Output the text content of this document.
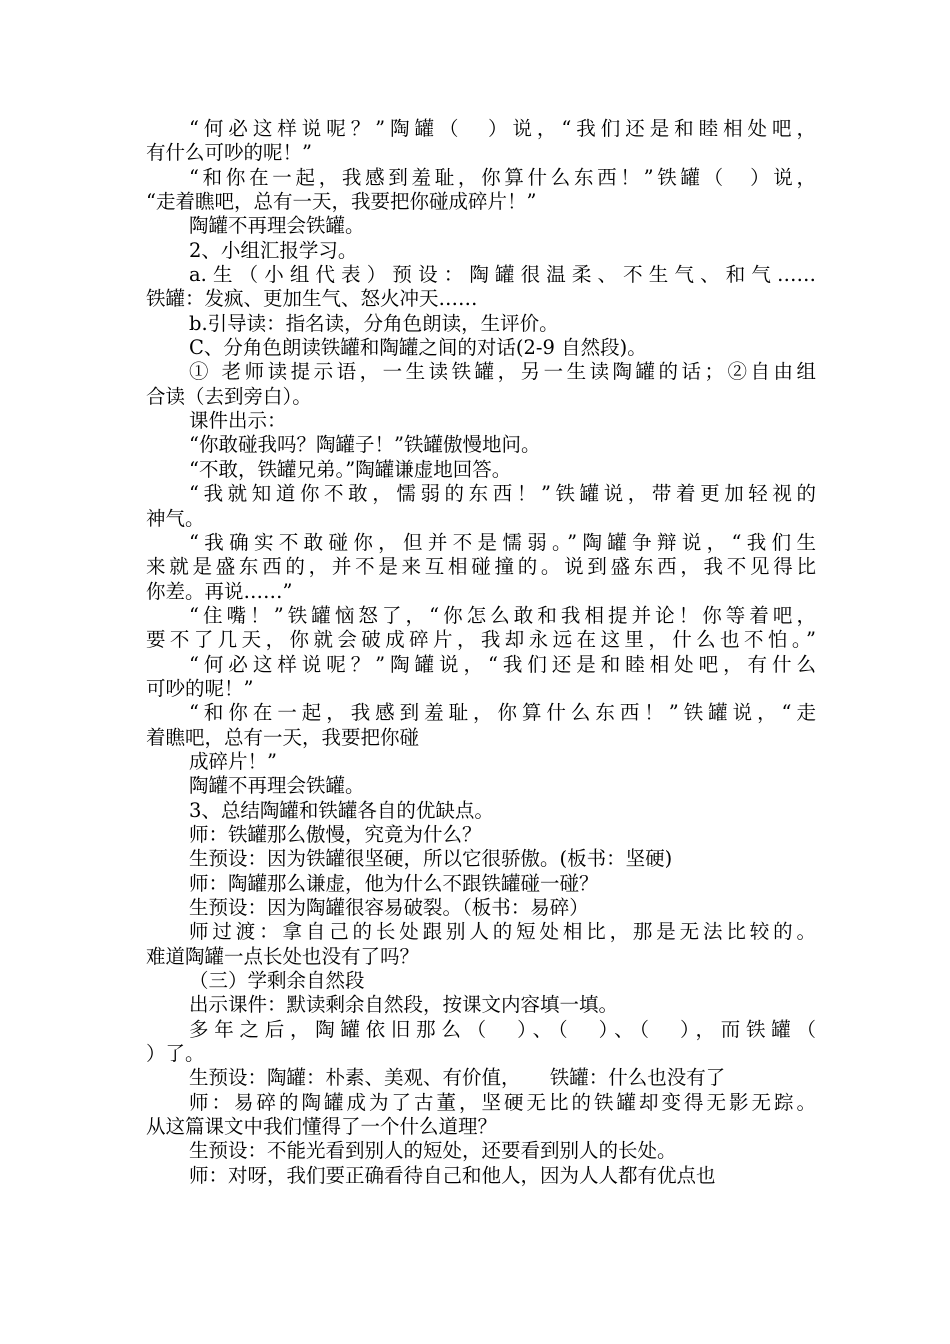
“何必这样说呢？”陶罐（　）说，“我们还是和睦相处吧，
有什么可吵的呢！”
“和你在一起，我感到羞耻，你算什么东西！”铁罐（　）说，
“走着瞧吧，总有一天，我要把你碰成碎片！”
陶罐不再理会铁罐。
2、小组汇报学习。
a.生（小组代表）预设：陶罐很温柔、不生气、和气……
铁罐：发疯、更加生气、怒火冲天……
b.引导读：指名读，分角色朗读，生评价。
C、分角色朗读铁罐和陶罐之间的对话(2-9 自然段)。
① 老师读提示语，一生读铁罐，另一生读陶罐的话；②自由组
合读（去到旁白）。
课件出示：
“你敢碰我吗？陶罐子！”铁罐傲慢地问。
“不敢，铁罐兄弟。”陶罐谦虚地回答。
“我就知道你不敢，懦弱的东西！”铁罐说，带着更加轻视的
神气。
“我确实不敢碰你，但并不是懦弱。”陶罐争辩说，“我们生
来就是盛东西的，并不是来互相碰撞的。说到盛东西，我不见得比
你差。再说……”
“住嘴！”铁罐恼怒了，“你怎么敢和我相提并论！你等着吧，
要不了几天，你就会破成碎片，我却永远在这里，什么也不怕。”
“何必这样说呢？”陶罐说，“我们还是和睦相处吧，有什么
可吵的呢！”
“和你在一起，我感到羞耻，你算什么东西！”铁罐说，“走
着瞧吧，总有一天，我要把你碰
成碎片！”
陶罐不再理会铁罐。
3、总结陶罐和铁罐各自的优缺点。
师：铁罐那么傲慢，究竟为什么？
生预设：因为铁罐很坚硬，所以它很骄傲。(板书：坚硬)
师：陶罐那么谦虚，他为什么不跟铁罐碰一碰？
生预设：因为陶罐很容易破裂。（板书：易碎）
师过渡：拿自己的长处跟别人的短处相比，那是无法比较的。
难道陶罐一点长处也没有了吗？
（三）学剩余自然段
出示课件：默读剩余自然段，按课文内容填一填。
多年之后，陶罐依旧那么（　）、（　）、（　），而铁罐（
）了。
生预设：陶罐：朴素、美观、有价值，　　铁罐：什么也没有了
师：易碎的陶罐成为了古董，坚硬无比的铁罐却变得无影无踪。
从这篇课文中我们懂得了一个什么道理？
生预设：不能光看到别人的短处，还要看到别人的长处。
师：对呀，我们要正确看待自己和他人，因为人人都有优点也
